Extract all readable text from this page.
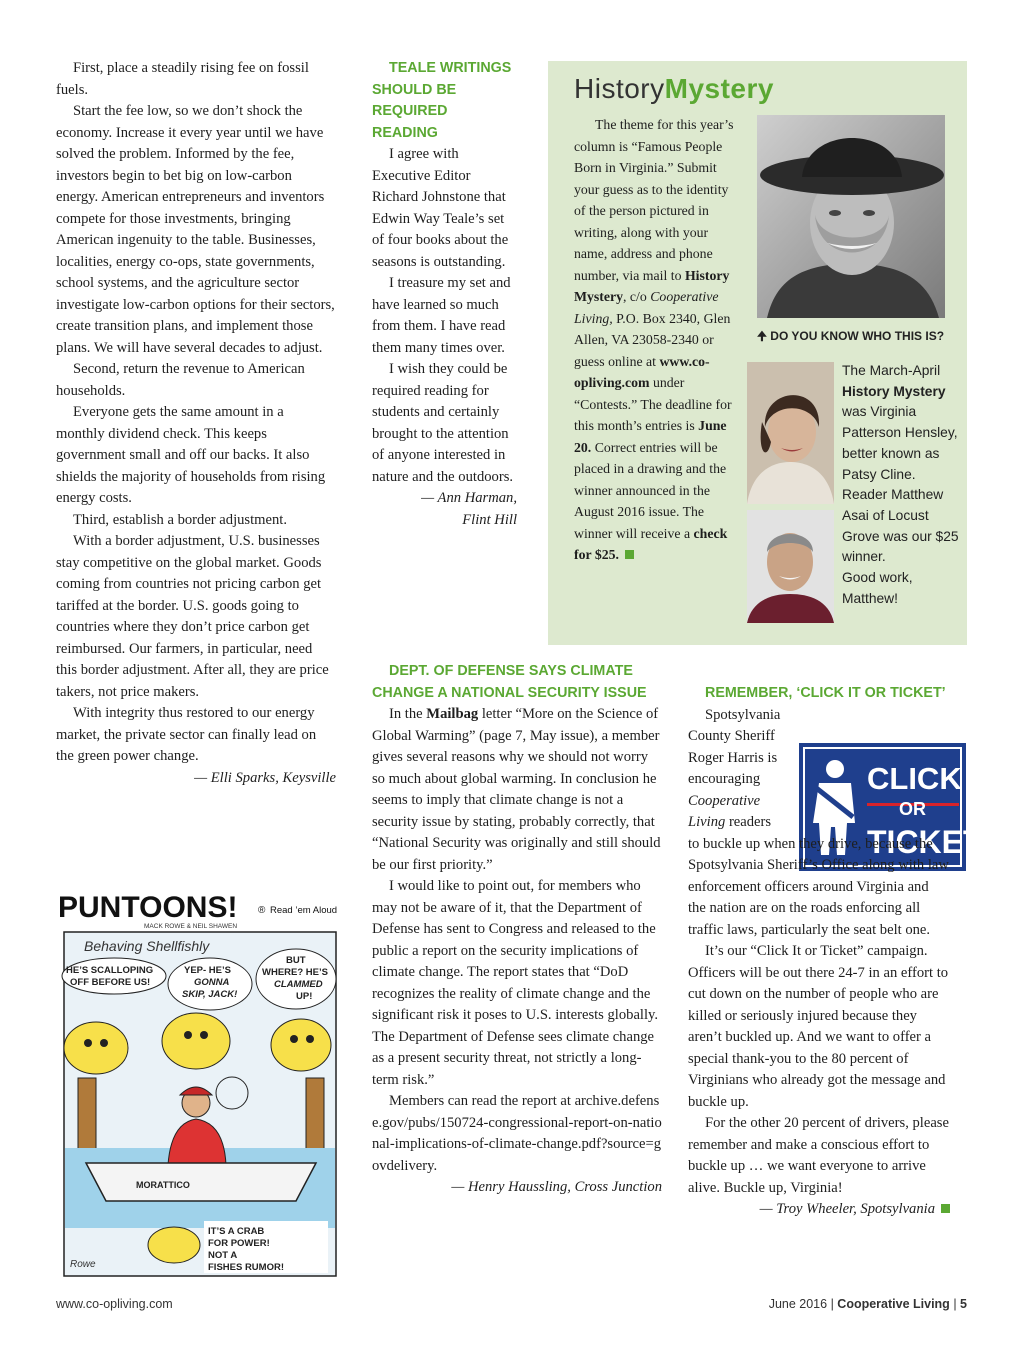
First, place a steadily rising fee on fossil fuels.

Start the fee low, so we don’t shock the economy. Increase it every year until we have solved the problem. Informed by the fee, investors begin to bet big on low-carbon energy. American entrepreneurs and inventors compete for those investments, bringing American ingenuity to the table. Businesses, localities, energy co-ops, state governments, school systems, and the agriculture sector investigate low-carbon options for their sectors, create transition plans, and implement those plans. We will have several decades to adjust.

Second, return the revenue to American households.

Everyone gets the same amount in a monthly dividend check. This keeps government small and off our backs. It also shields the majority of households from rising energy costs.

Third, establish a border adjustment.

With a border adjustment, U.S. businesses stay competitive on the global market. Goods coming from countries not pricing carbon get tariffed at the border. U.S. goods going to countries where they don’t price carbon get reimbursed. Our farmers, in particular, need this border adjustment. After all, they are price takers, not price makers.

With integrity thus restored to our energy market, the private sector can finally lead on the green power change.

— Elli Sparks, Keysville

TEALE WRITINGS SHOULD BE REQUIRED READING

I agree with Executive Editor Richard Johnstone that Edwin Way Teale’s set of four books about the seasons is outstanding.

I treasure my set and have learned so much from them. I have read them many times over.

I wish they could be required reading for students and certainly brought to the attention of anyone interested in nature and the outdoors.

— Ann Harman,

Flint Hill

HistoryMystery

The theme for this year’s column is “Famous People Born in Virginia.” Submit your guess as to the identity of the person pictured in writing, along with your name, address and phone number, via mail to History Mystery, c/o Cooperative Living, P.O. Box 2340, Glen Allen, VA 23058-2340 or guess online at www.co-opliving.com under “Contests.” The deadline for this month’s entries is June 20. Correct entries will be placed in a drawing and the winner announced in the August 2016 issue. The winner will receive a check for $25.

🠉 DO YOU KNOW WHO THIS IS?

The March-April History Mystery was Virginia Patterson Hensley, better known as Patsy Cline. Reader Matthew Asai of Locust Grove was our $25 winner.

Good work, Matthew!

DEPT. OF DEFENSE SAYS CLIMATE CHANGE A NATIONAL SECURITY ISSUE

In the Mailbag letter “More on the Science of Global Warming” (page 7, May issue), a member gives several reasons why we should not worry so much about global warming. In conclusion he seems to imply that climate change is not a security issue by stating, probably correctly, that “National Security was originally and still should be our first priority.”

I would like to point out, for members who may not be aware of it, that the Department of Defense has sent to Congress and released to the public a report on the security implications of climate change. The report states that “DoD recognizes the reality of climate change and the significant risk it poses to U.S. interests globally. The Department of Defense sees climate change as a present security threat, not strictly a long-term risk.”

Members can read the report at archive.defense.gov/pubs/150724-congressional-report-on-national-implications-of-climate-change.pdf?source=govdelivery.

— Henry Haussling, Cross Junction

CLICK IT
OR
TICKET

REMEMBER, ‘CLICK IT OR TICKET’

Spotsylvania County Sheriff Roger Harris is encouraging Cooperative Living readers to buckle up when they drive, because the Spotsylvania Sheriff’s Office along with law enforcement officers around Virginia and the nation are on the roads enforcing all traffic laws, particularly the seat belt one.

It’s our “Click It or Ticket” campaign. Officers will be out there 24-7 in an effort to cut down on the number of people who are killed or seriously injured because they aren’t buckled up. And we want to offer a special thank-you to the 80 percent of Virginians who already got the message and buckle up.

For the other 20 percent of drivers, please remember and make a conscious effort to buckle up … we want everyone to arrive alive. Buckle up, Virginia!

— Troy Wheeler, Spotsylvania

PUNTOONS! ® Read ’em Aloud
MACK ROWE & NEIL SHAWEN
Behaving Shellfishly
HE’S SCALLOPING
OFF BEFORE US!
YEP- HE’S
GONNA
SKIP, JACK!
BUT
WHERE? HE’S
CLAMMED
UP!
MORATTICO
IT’S A CRAB
FOR POWER!
NOT A
FISHES RUMOR!
Rowe
www.co-opliving.com	June 2016 | Cooperative Living | 5
